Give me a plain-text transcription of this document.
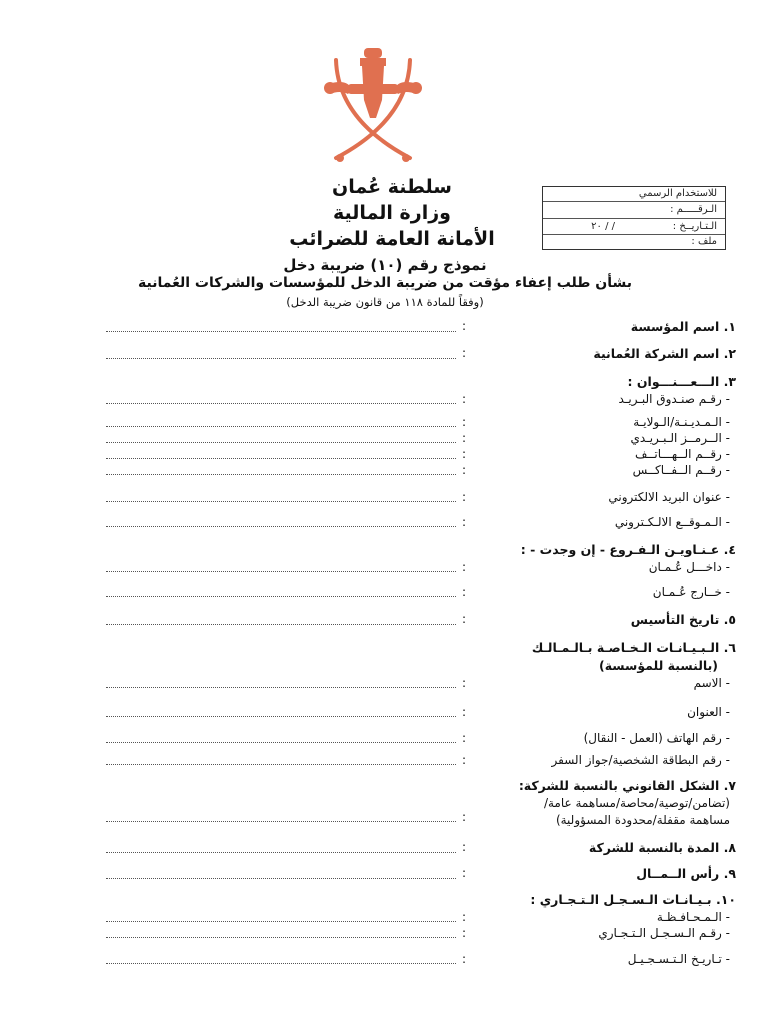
سلطنة عُمان
وزارة المالية
الأمانة العامة للضرائب
للاستخدام الرسمي
الـرقـــــم :
الـتـاريــخ :
/ / ٢٠
ملف :
نموذج رقم (١٠) ضريبة دخل
بشأن طلب إعفاء مؤقت من ضريبة الدخل للمؤسسات والشركات العُمانية
(وفقاً للمادة ١١٨ من قانون ضريبة الدخل)
١. اسم المؤسسة
:
٢. اسم الشركة العُمانية
:
٣. الـــعـــنـــوان :
- رقـم صنـدوق البـريـد
:
- الـمـديـنـة/الـولايـة
:
- الــرمــز الـبـريـدي
:
- رقــم الــهـــاتــف
:
- رقــم الــفــاكــس
:
- عنوان البريد الالكتروني
:
- الـمـوقــع الالـكـتروني
:
٤. عـنـاويـن الـفـروع - إن وجدت - :
- داخـــل عُـمـان
:
- خــارج عُـمـان
:
٥. تاريخ التأسيس
:
٦. الـبـيـانـات الـخـاصـة بـالـمـالـك
(بالنسبة للمؤسسة)
- الاسم
:
- العنوان
:
- رقم الهاتف (العمل - النقال)
:
- رقم البطاقة الشخصية/جواز السفر
:
٧. الشكل القانوني بالنسبة للشركة:
(تضامن/توصية/محاصة/مساهمة عامة/
مساهمة مقفلة/محدودة المسؤولية)
:
٨. المدة بالنسبة للشركة
:
٩. رأس الــمــال
:
١٠. بـيـانـات الـسـجـل الـتـجـاري :
- الـمـحـافـظـة
:
- رقـم الـسـجـل الـتـجـاري
:
- تـاريـخ الـتـسـجـيـل
:
